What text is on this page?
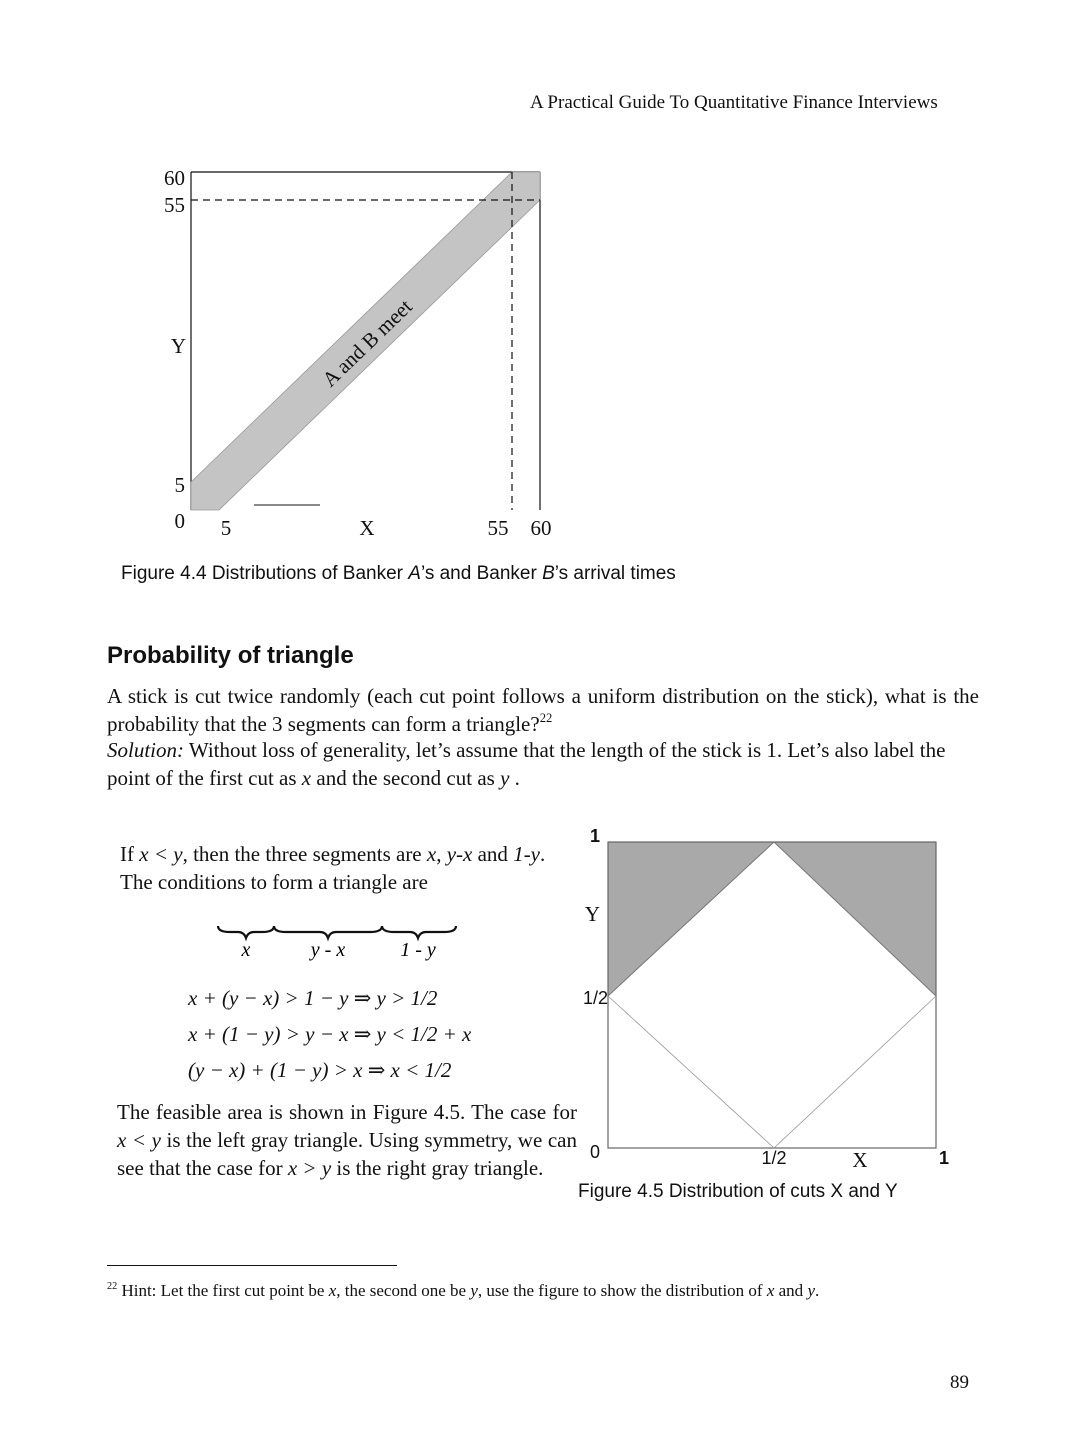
A Practical Guide To Quantitative Finance Interviews
A and B meet
60
55
Y
5
0 5	X	55 60
Figure 4.4 Distributions of Banker A’s and Banker B’s arrival times
Probability of triangle
A stick is cut twice randomly (each cut point follows a uniform distribution on the stick), what is the probability that the 3 segments can form a triangle?$^{22}$
Solution: Without loss of generality, let’s assume that the length of the stick is 1. Let’s also label the point of the first cut as x and the second cut as y .
If x < y, then the three segments are x, y-x and 1-y. The conditions to form a triangle are
x	y - x	1 - y
x + (y − x) > 1 − y ⇒ y > 1/2
x + (1 − y) > y − x ⇒ y < 1/2 + x
(y − x) + (1 − y) > x ⇒ x < 1/2
1
Y
1/2
0	1/2	X	1
The feasible area is shown in Figure 4.5. The case for x < y is the left gray triangle. Using symmetry, we can see that the case for x > y is the right gray triangle.
Figure 4.5 Distribution of cuts X and Y
$^{22}$ Hint: Let the first cut point be x, the second one be y, use the figure to show the distribution of x and y.
89
